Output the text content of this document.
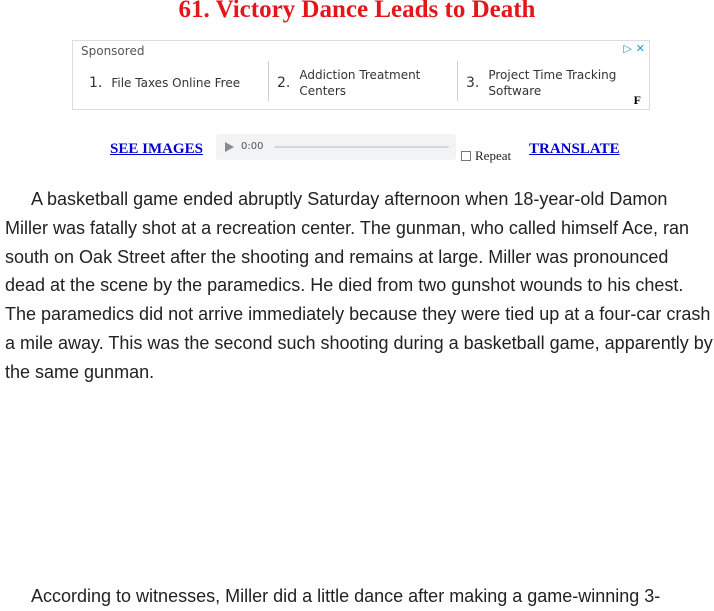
61. Victory Dance Leads to Death
Sponsored	▷ ✕
1. File Taxes Online Free	2. Addiction Treatment Centers	3. Project Time Tracking Software
F
SEE IMAGES	0:00
Repeat TRANSLATE

A basketball game ended abruptly Saturday afternoon when 18-year-old Damon Miller was fatally shot at a recreation center. The gunman, who called himself Ace, ran south on Oak Street after the shooting and remains at large. Miller was pronounced dead at the scene by the paramedics. He died from two gunshot wounds to his chest. The paramedics did not arrive immediately because they were tied up at a four-car crash a mile away. This was the second such shooting during a basketball game, apparently by the same gunman.

According to witnesses, Miller did a little dance after making a game-winning 3-
